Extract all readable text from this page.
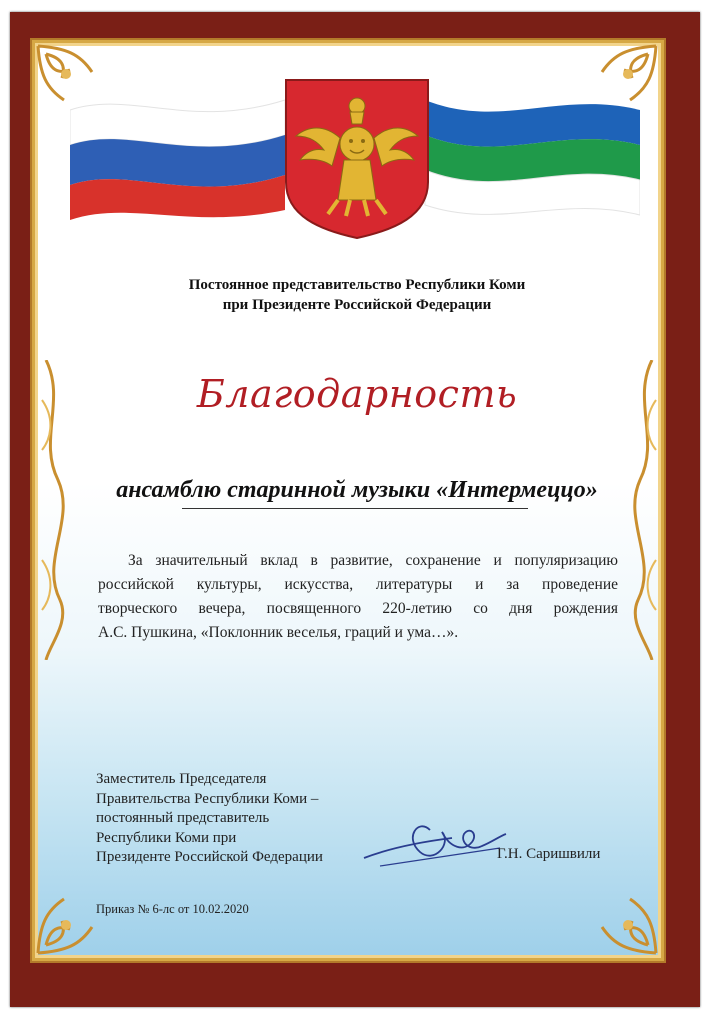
Постоянное представительство Республики Коми
при Президенте Российской Федерации
Благодарность
ансамблю старинной музыки «Интермеццо»
За значительный вклад в развитие, сохранение и популяризацию
российской культуры, искусства, литературы и за проведение
творческого вечера, посвященного 220-летию со дня рождения
А.С. Пушкина, «Поклонник веселья, граций и ума…».
Заместитель Председателя
Правительства Республики Коми –
постоянный представитель
Республики Коми при
Президенте Российской Федерации	Г.Н. Саришвили
Приказ № 6-лс от 10.02.2020
